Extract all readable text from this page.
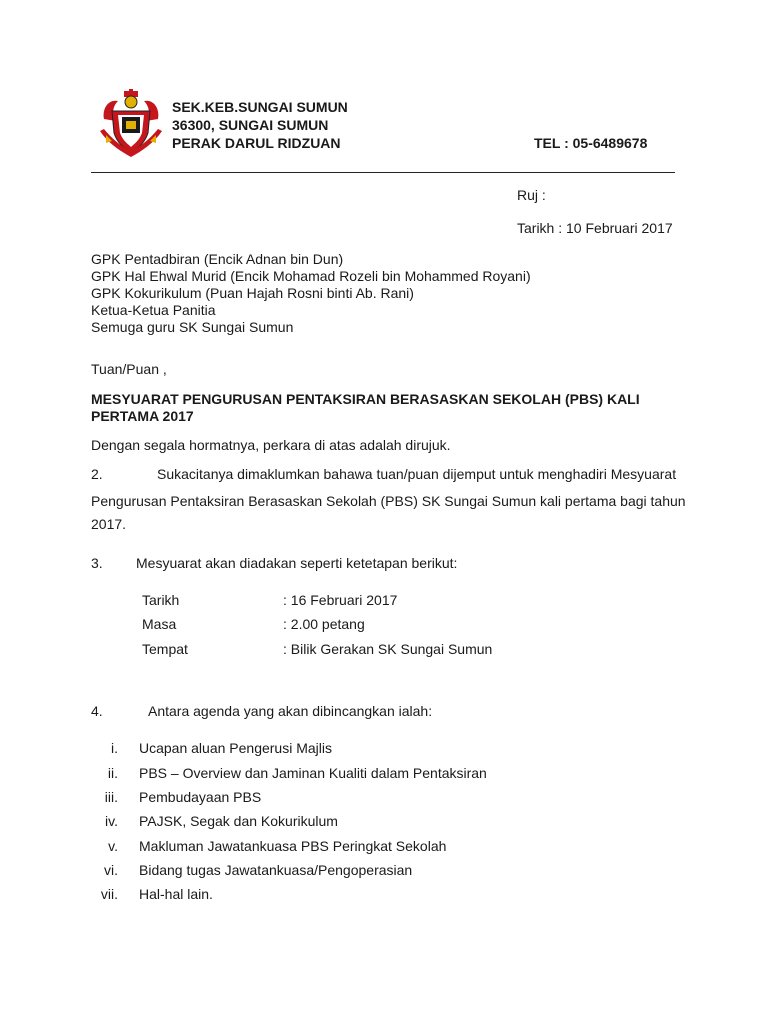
SEK.KEB.SUNGAI SUMUN
36300, SUNGAI SUMUN
PERAK DARUL RIDZUAN	TEL : 05-6489678
Ruj :
Tarikh : 10 Februari 2017
GPK Pentadbiran (Encik Adnan bin Dun)
GPK Hal Ehwal Murid (Encik Mohamad Rozeli bin Mohammed Royani)
GPK Kokurikulum (Puan Hajah Rosni binti Ab. Rani)
Ketua-Ketua Panitia
Semuga guru SK Sungai Sumun
Tuan/Puan ,
MESYUARAT PENGURUSAN PENTAKSIRAN BERASASKAN SEKOLAH (PBS) KALI
PERTAMA 2017
Dengan segala hormatnya, perkara di atas adalah dirujuk.
2.	Sukacitanya dimaklumkan bahawa tuan/puan dijemput untuk menghadiri Mesyuarat
Pengurusan Pentaksiran Berasaskan Sekolah (PBS) SK Sungai Sumun kali pertama bagi tahun
2017.
3. Mesyuarat akan diadakan seperti ketetapan berikut:
Tarikh	: 16 Februari 2017
Masa	: 2.00 petang
Tempat	: Bilik Gerakan SK Sungai Sumun
4.	Antara agenda yang akan dibincangkan ialah:
i. Ucapan aluan Pengerusi Majlis
ii. PBS – Overview dan Jaminan Kualiti dalam Pentaksiran
iii. Pembudayaan PBS
iv. PAJSK, Segak dan Kokurikulum
v. Makluman Jawatankuasa PBS Peringkat Sekolah
vi. Bidang tugas Jawatankuasa/Pengoperasian
vii. Hal-hal lain.
